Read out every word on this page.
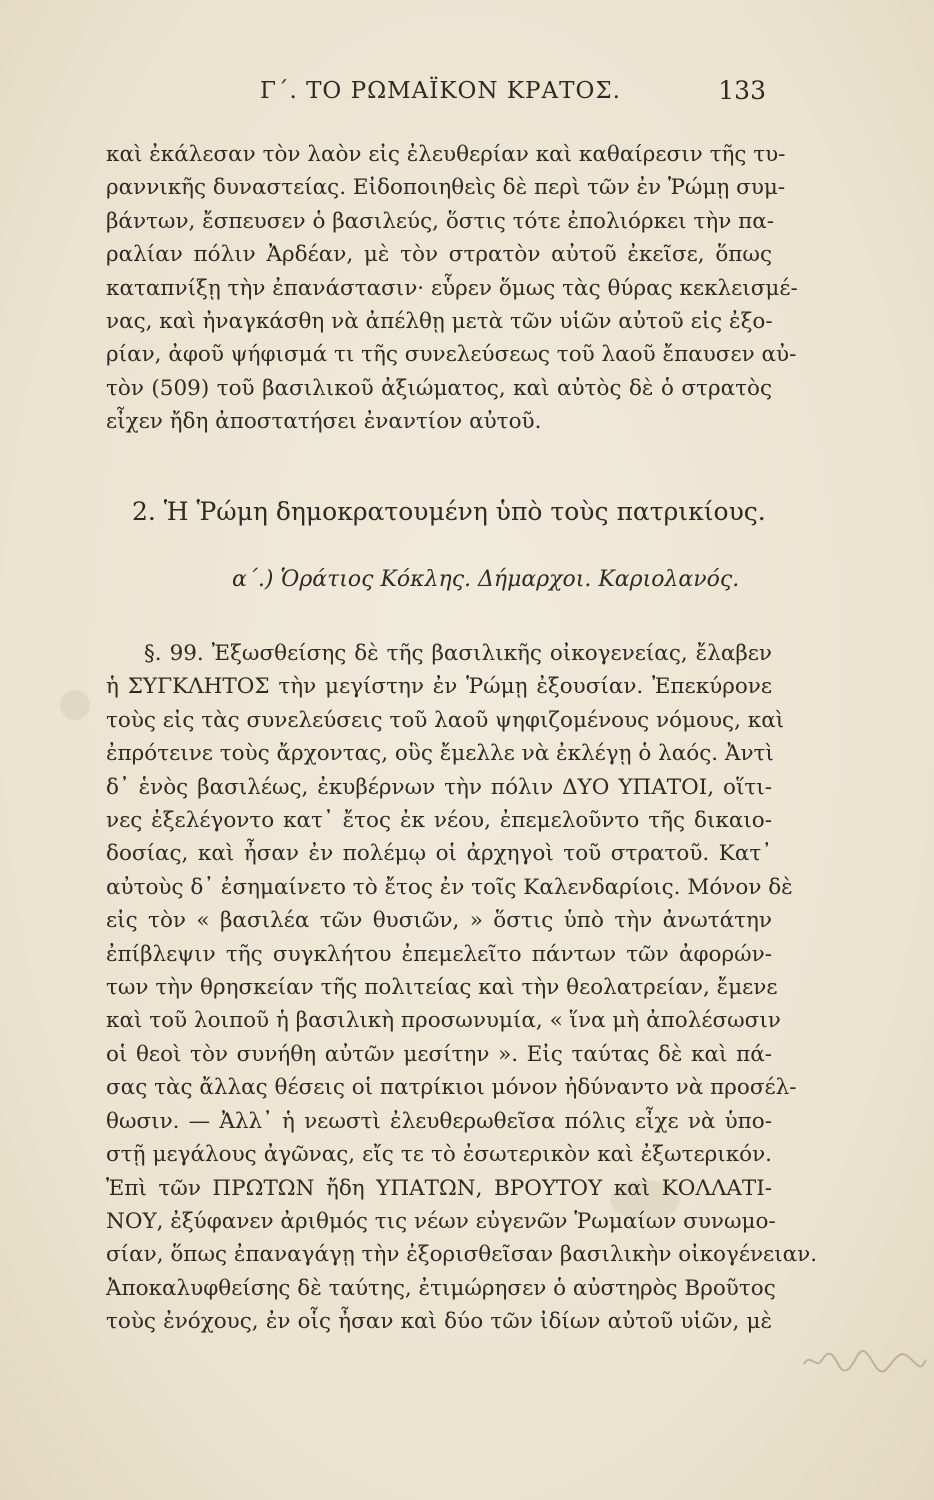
Γ΄. ΤΟ ΡΩΜΑΪΚΟΝ ΚΡΑΤΟΣ.	133
καὶ ἐκάλεσαν τὸν λαὸν εἰς ἐλευθερίαν καὶ καθαίρεσιν τῆς τυ-
ραννικῆς δυναστείας. Εἰδοποιηθεὶς δὲ περὶ τῶν ἐν Ῥώμῃ συμ-
βάντων, ἔσπευσεν ὁ βασιλεύς, ὅστις τότε ἐπολιόρκει τὴν πα-
ραλίαν πόλιν Ἀρδέαν, μὲ τὸν στρατὸν αὐτοῦ ἐκεῖσε, ὅπως
καταπνίξῃ τὴν ἐπανάστασιν· εὗρεν ὅμως τὰς θύρας κεκλεισμέ-
νας, καὶ ἠναγκάσθη νὰ ἀπέλθῃ μετὰ τῶν υἱῶν αὐτοῦ εἰς ἐξο-
ρίαν, ἀφοῦ ψήφισμά τι τῆς συνελεύσεως τοῦ λαοῦ ἔπαυσεν αὐ-
τὸν (509) τοῦ βασιλικοῦ ἀξιώματος, καὶ αὐτὸς δὲ ὁ στρατὸς
εἶχεν ἤδη ἀποστατήσει ἐναντίον αὐτοῦ.
2. Ἡ Ῥώμη δημοκρατουμένη ὑπὸ τοὺς πατρικίους.
α΄.) Ὁράτιος Κόκλης. Δήμαρχοι. Καριολανός.
§. 99. Ἐξωσθείσης δὲ τῆς βασιλικῆς οἰκογενείας, ἔλαβεν
ἡ ΣΥΓΚΛΗΤΟΣ τὴν μεγίστην ἐν Ῥώμῃ ἐξουσίαν. Ἐπεκύρονε
τοὺς εἰς τὰς συνελεύσεις τοῦ λαοῦ ψηφιζομένους νόμους, καὶ
ἐπρότεινε τοὺς ἄρχοντας, οὓς ἔμελλε νὰ ἐκλέγῃ ὁ λαός. Ἀντὶ
δ᾽ ἑνὸς βασιλέως, ἐκυβέρνων τὴν πόλιν ΔΥΟ ΥΠΑΤΟΙ, οἵτι-
νες ἐξελέγοντο κατ᾽ ἔτος ἐκ νέου, ἐπεμελοῦντο τῆς δικαιο-
δοσίας, καὶ ἦσαν ἐν πολέμῳ οἱ ἀρχηγοὶ τοῦ στρατοῦ. Κατ᾽
αὐτοὺς δ᾽ ἐσημαίνετο τὸ ἔτος ἐν τοῖς Καλενδαρίοις. Μόνον δὲ
εἰς τὸν « βασιλέα τῶν θυσιῶν, » ὅστις ὑπὸ τὴν ἀνωτάτην
ἐπίβλεψιν τῆς συγκλήτου ἐπεμελεῖτο πάντων τῶν ἀφορών-
των τὴν θρησκείαν τῆς πολιτείας καὶ τὴν θεολατρείαν, ἔμενε
καὶ τοῦ λοιποῦ ἡ βασιλικὴ προσωνυμία, « ἵνα μὴ ἀπολέσωσιν
οἱ θεοὶ τὸν συνήθη αὐτῶν μεσίτην ». Εἰς ταύτας δὲ καὶ πά-
σας τὰς ἄλλας θέσεις οἱ πατρίκιοι μόνον ἠδύναντο νὰ προσέλ-
θωσιν. — Ἀλλ᾽ ἡ νεωστὶ ἐλευθερωθεῖσα πόλις εἶχε νὰ ὑπο-
στῇ μεγάλους ἀγῶνας, εἴς τε τὸ ἐσωτερικὸν καὶ ἐξωτερικόν.
Ἐπὶ τῶν ΠΡΩΤΩΝ ἤδη ΥΠΑΤΩΝ, ΒΡΟΥΤΟΥ καὶ ΚΟΛΛΑΤΙ-
ΝΟΥ, ἐξύφανεν ἀριθμός τις νέων εὐγενῶν Ῥωμαίων συνωμο-
σίαν, ὅπως ἐπαναγάγῃ τὴν ἐξορισθεῖσαν βασιλικὴν οἰκογένειαν.
Ἀποκαλυφθείσης δὲ ταύτης, ἐτιμώρησεν ὁ αὐστηρὸς Βροῦτος
τοὺς ἐνόχους, ἐν οἷς ἦσαν καὶ δύο τῶν ἰδίων αὐτοῦ υἱῶν, μὲ
